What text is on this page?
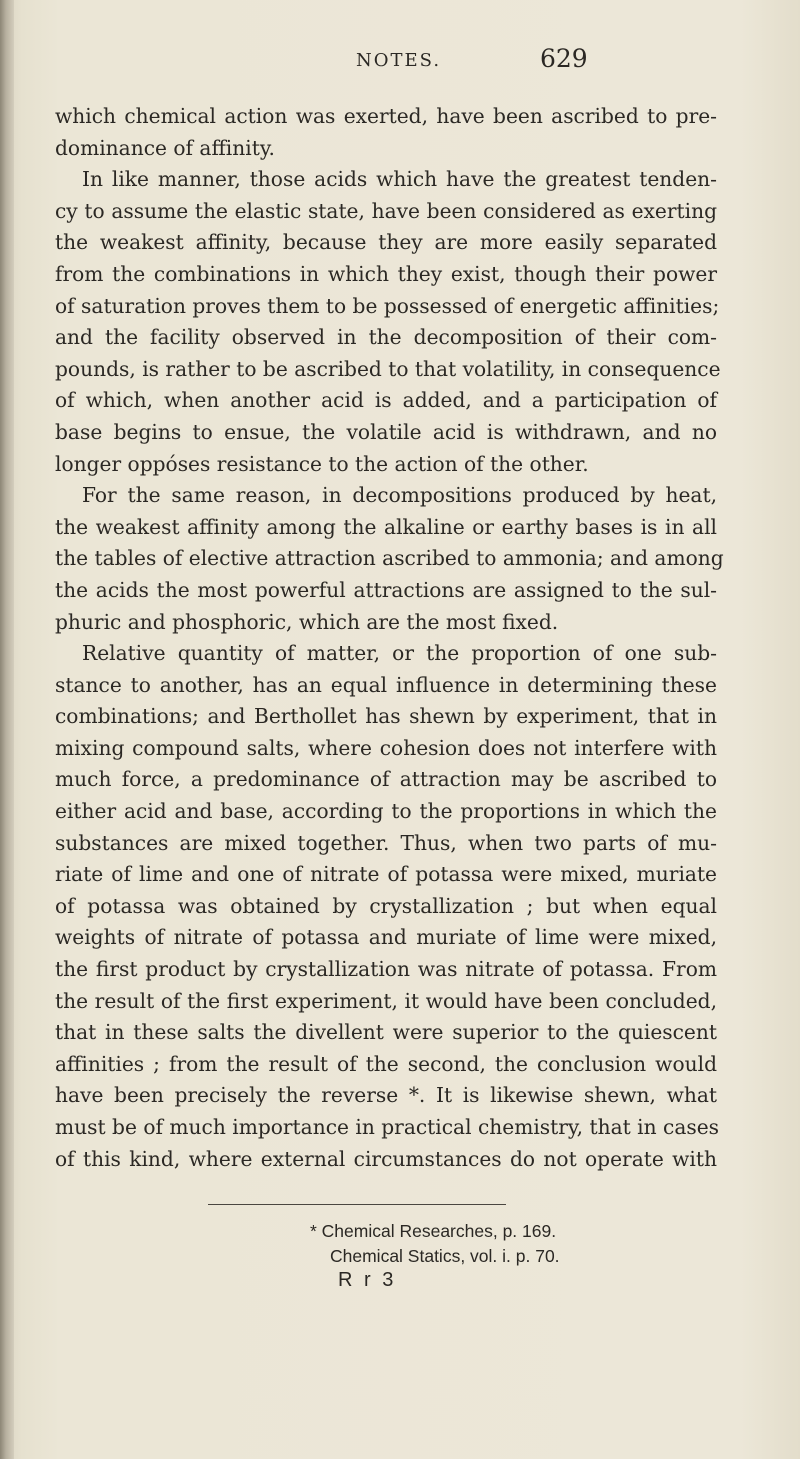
NOTES.	629
which chemical action was exerted, have been ascribed to pre-
dominance of affinity.
In like manner, those acids which have the greatest tenden-
cy to assume the elastic state, have been considered as exerting
the weakest affinity, because they are more easily separated
from the combinations in which they exist, though their power
of saturation proves them to be possessed of energetic affinities;
and the facility observed in the decomposition of their com-
pounds, is rather to be ascribed to that volatility, in consequence
of which, when another acid is added, and a participation of
base begins to ensue, the volatile acid is withdrawn, and no
longer oppóses resistance to the action of the other.
For the same reason, in decompositions produced by heat,
the weakest affinity among the alkaline or earthy bases is in all
the tables of elective attraction ascribed to ammonia; and among
the acids the most powerful attractions are assigned to the sul-
phuric and phosphoric, which are the most fixed.
Relative quantity of matter, or the proportion of one sub-
stance to another, has an equal influence in determining these
combinations; and Berthollet has shewn by experiment, that in
mixing compound salts, where cohesion does not interfere with
much force, a predominance of attraction may be ascribed to
either acid and base, according to the proportions in which the
substances are mixed together. Thus, when two parts of mu-
riate of lime and one of nitrate of potassa were mixed, muriate
of potassa was obtained by crystallization ; but when equal
weights of nitrate of potassa and muriate of lime were mixed,
the first product by crystallization was nitrate of potassa. From
the result of the first experiment, it would have been concluded,
that in these salts the divellent were superior to the quiescent
affinities ; from the result of the second, the conclusion would
have been precisely the reverse *. It is likewise shewn, what
must be of much importance in practical chemistry, that in cases
of this kind, where external circumstances do not operate with
* Chemical Researches, p. 169.
Chemical Statics, vol. i. p. 70.
R r 3
